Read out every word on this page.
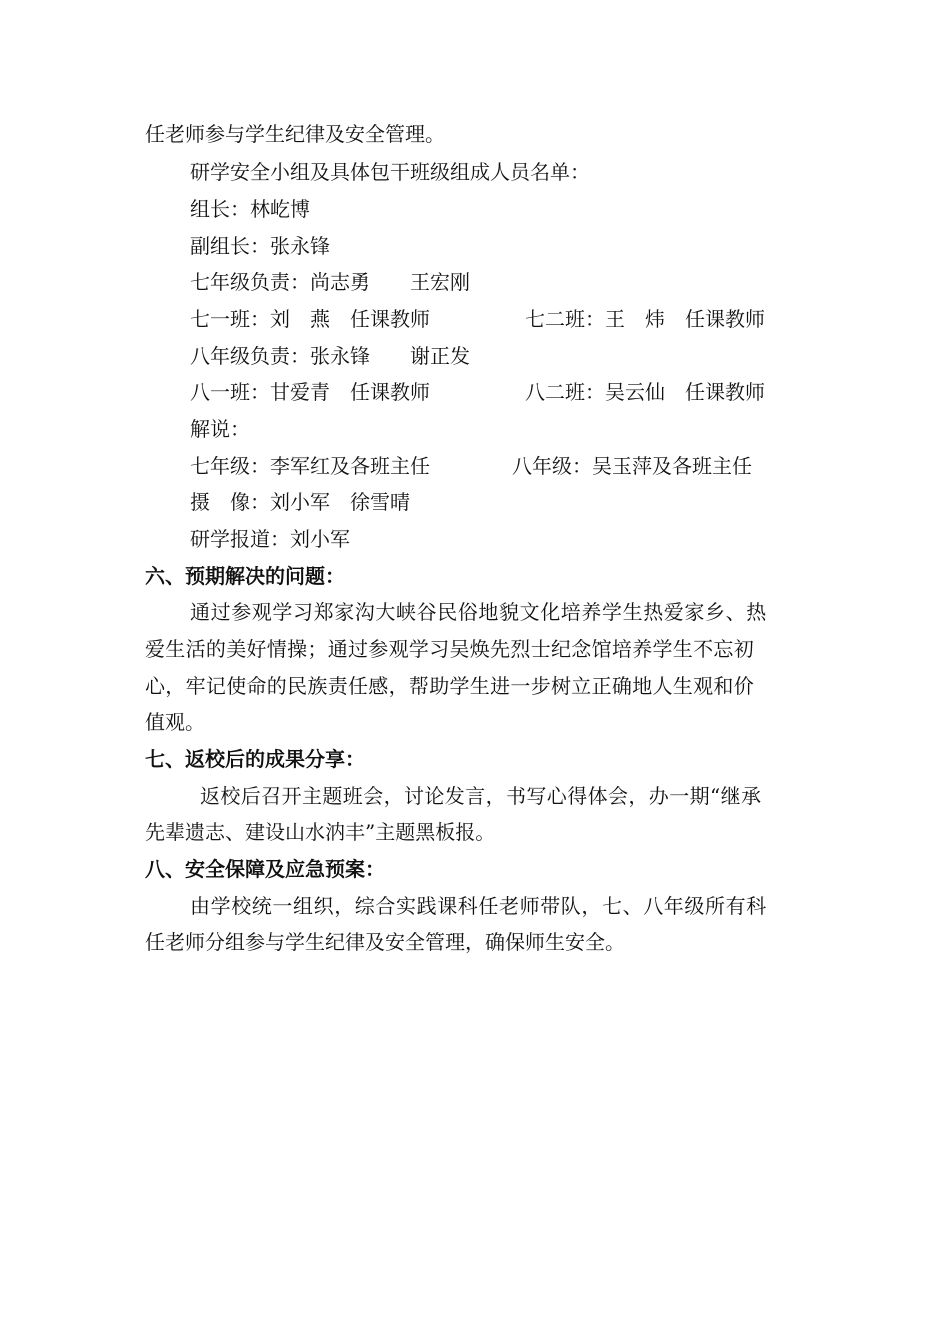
任老师参与学生纪律及安全管理。
研学安全小组及具体包干班级组成人员名单：
组长：林屹博
副组长：张永锋
七年级负责：尚志勇　　王宏刚
七一班：刘　燕　任课教师	七二班：王　炜　任课教师
八年级负责：张永锋　　谢正发
八一班：甘爱青　任课教师	八二班：吴云仙　任课教师
解说：
七年级：李军红及各班主任	八年级：吴玉萍及各班主任
摄　像：刘小军　徐雪晴
研学报道：刘小军
六、预期解决的问题：
通过参观学习郑家沟大峡谷民俗地貌文化培养学生热爱家乡、热
爱生活的美好情操；通过参观学习吴焕先烈士纪念馆培养学生不忘初
心，牢记使命的民族责任感，帮助学生进一步树立正确地人生观和价
值观。
七、返校后的成果分享：
返校后召开主题班会，讨论发言，书写心得体会，办一期“继承
先辈遗志、建设山水汭丰”主题黑板报。
八、安全保障及应急预案：
由学校统一组织，综合实践课科任老师带队，七、八年级所有科
任老师分组参与学生纪律及安全管理，确保师生安全。
